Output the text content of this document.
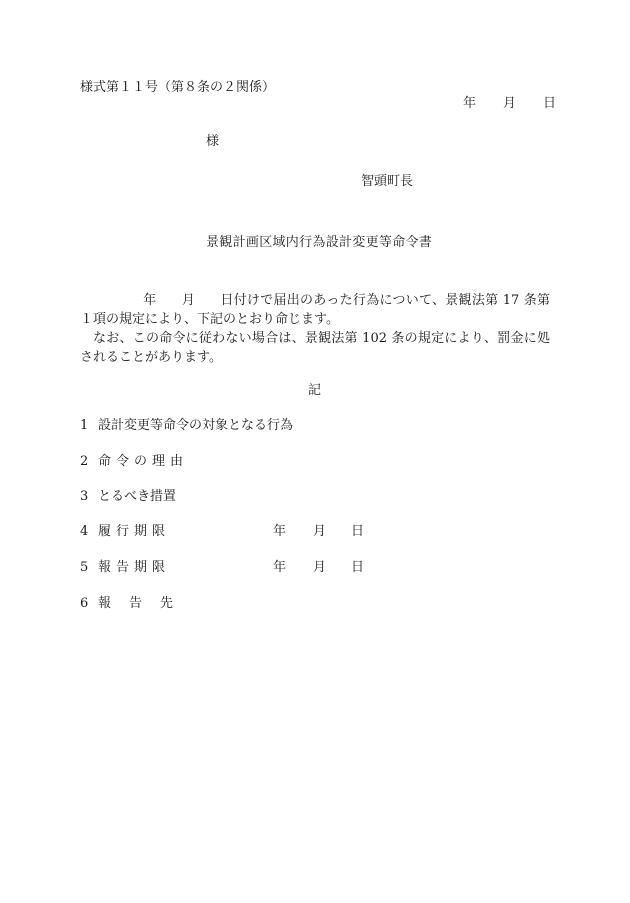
様式第１１号（第８条の２関係）
年 月 日
様
智頭町長
景観計画区域内行為設計変更等命令書
年 月 日付けで届出のあった行為について、景観法第 17 条第１項の規定により、下記のとおり命じます。
なお、この命令に従わない場合は、景観法第 102 条の規定により、罰金に処されることがあります。
記
1 設計変更等命令の対象となる行為
2 命令の理由
3 とるべき措置
4 履行期限	年 月 日
5 報告期限	年 月 日
6 報告先
